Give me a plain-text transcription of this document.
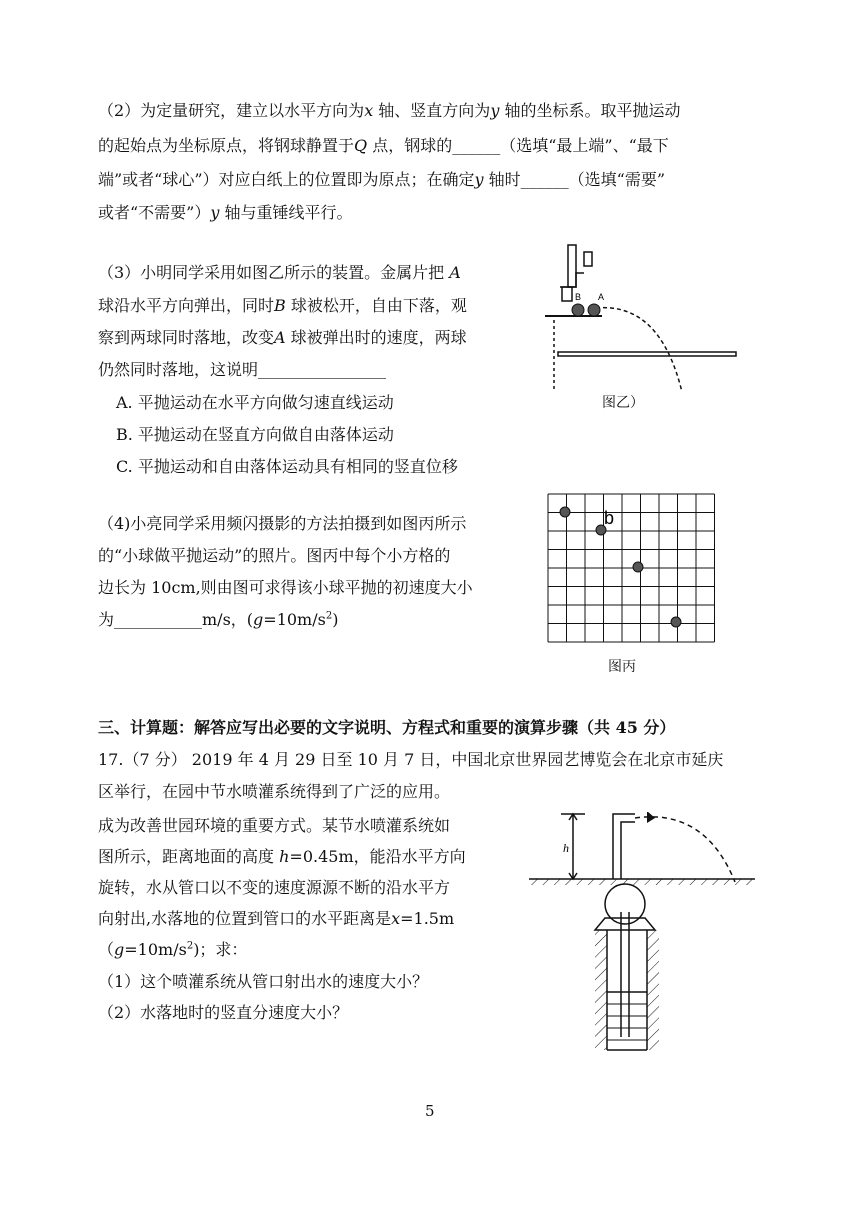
（2）为定量研究，建立以水平方向为x 轴、竖直方向为y 轴的坐标系。取平抛运动
的起始点为坐标原点，将钢球静置于Q 点，钢球的______（选填“最上端”、“最下
端”或者“球心”）对应白纸上的位置即为原点；在确定y 轴时______（选填“需要”
或者“不需要”）y 轴与重锤线平行。
（3）小明同学采用如图乙所示的装置。金属片把 A
球沿水平方向弹出，同时B 球被松开，自由下落，观
察到两球同时落地，改变A 球被弹出时的速度，两球
仍然同时落地，这说明________________
A. 平抛运动在水平方向做匀速直线运动
B. 平抛运动在竖直方向做自由落体运动
C. 平抛运动和自由落体运动具有相同的竖直位移
B A
图乙）
（4)小亮同学采用频闪摄影的方法拍摄到如图丙所示
的“小球做平抛运动”的照片。图丙中每个小方格的
边长为 10cm,则由图可求得该小球平抛的初速度大小
为___________m/s，$(g=10m/s^2)$
b
图丙
三、计算题：解答应写出必要的文字说明、方程式和重要的演算步骤（共 45 分）
17.（7 分） 2019 年 4 月 29 日至 10 月 7 日，中国北京世界园艺博览会在北京市延庆
区举行，在园中节水喷灌系统得到了广泛的应用。
成为改善世园环境的重要方式。某节水喷灌系统如
图所示，距离地面的高度 h=0.45m，能沿水平方向
旋转，水从管口以不变的速度源源不断的沿水平方
向射出,水落地的位置到管口的水平距离是x=1.5m
$(g=10m/s^2)$；求：
（1）这个喷灌系统从管口射出水的速度大小？
（2）水落地时的竖直分速度大小？
h
5
